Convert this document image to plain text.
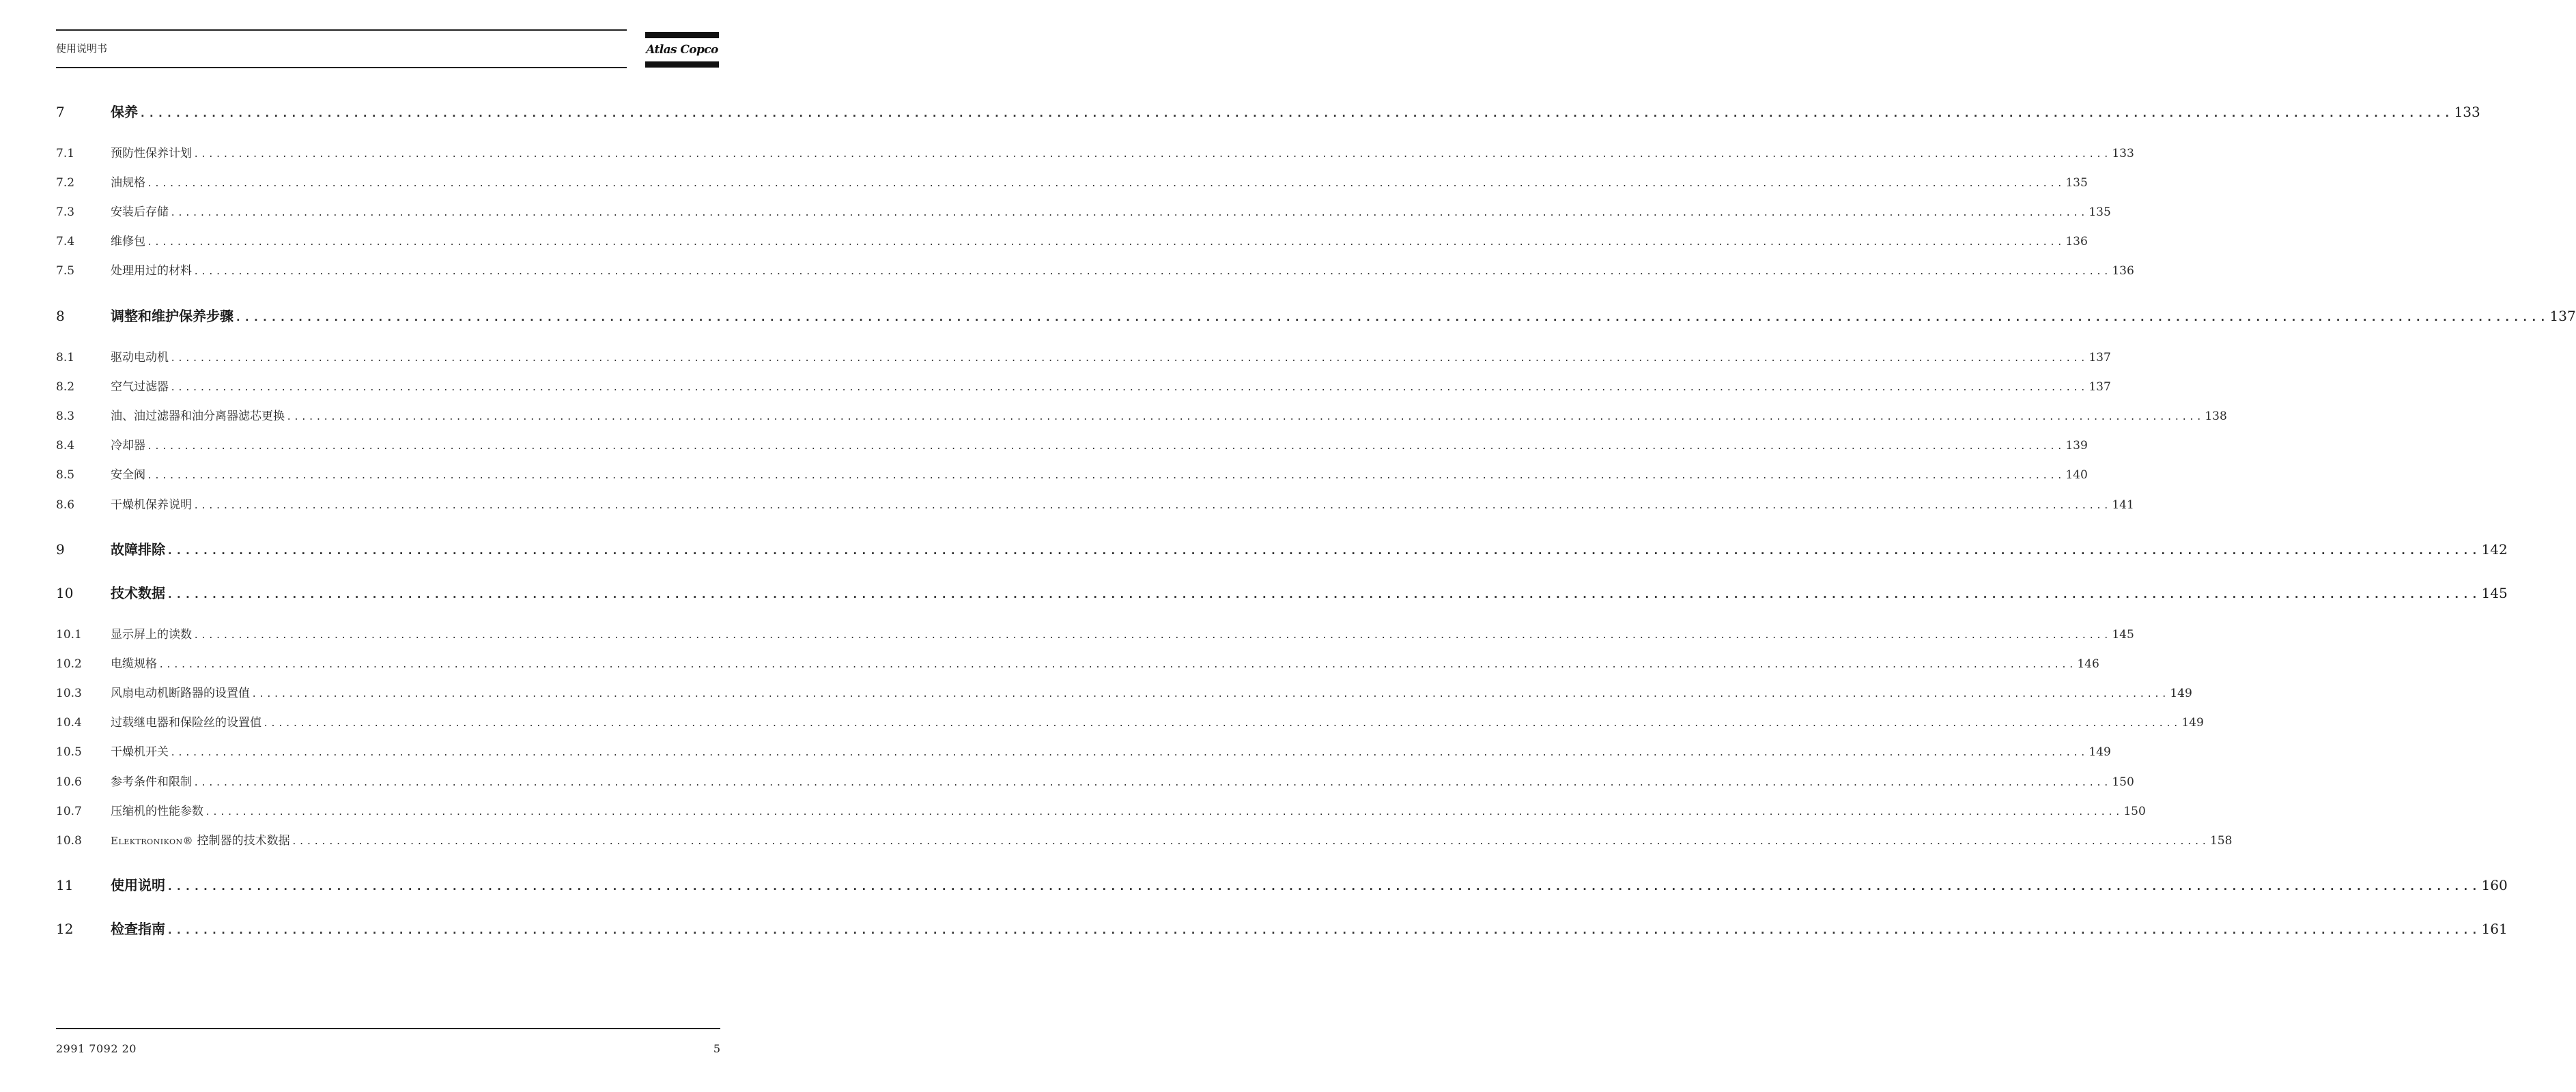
使用说明书	Atlas Copco
7	保养 .................................................................................................................................................................................................................................................................... 133
7.1	预防性保养计划 .................................................................................................................................................................................................................................................................... 133
7.2	油规格 .................................................................................................................................................................................................................................................................... 135
7.3	安装后存储 .................................................................................................................................................................................................................................................................... 135
7.4	维修包 .................................................................................................................................................................................................................................................................... 136
7.5	处理用过的材料 .................................................................................................................................................................................................................................................................... 136
8	调整和维护保养步骤 .................................................................................................................................................................................................................................................................... 137
8.1	驱动电动机 .................................................................................................................................................................................................................................................................... 137
8.2	空气过滤器 .................................................................................................................................................................................................................................................................... 137
8.3	油、油过滤器和油分离器滤芯更换 .................................................................................................................................................................................................................................................................... 138
8.4	冷却器 .................................................................................................................................................................................................................................................................... 139
8.5	安全阀 .................................................................................................................................................................................................................................................................... 140
8.6	干燥机保养说明 .................................................................................................................................................................................................................................................................... 141
9	故障排除 .................................................................................................................................................................................................................................................................... 142
10	技术数据 .................................................................................................................................................................................................................................................................... 145
10.1	显示屏上的读数 .................................................................................................................................................................................................................................................................... 145
10.2	电缆规格 .................................................................................................................................................................................................................................................................... 146
10.3	风扇电动机断路器的设置值 .................................................................................................................................................................................................................................................................... 149
10.4	过载继电器和保险丝的设置值 .................................................................................................................................................................................................................................................................... 149
10.5	干燥机开关 .................................................................................................................................................................................................................................................................... 149
10.6	参考条件和限制 .................................................................................................................................................................................................................................................................... 150
10.7	压缩机的性能参数 .................................................................................................................................................................................................................................................................... 150
10.8	Elektronikon® 控制器的技术数据 .................................................................................................................................................................................................................................................................... 158
11	使用说明 .................................................................................................................................................................................................................................................................... 160
12	检查指南 .................................................................................................................................................................................................................................................................... 161
2991 7092 20	5
